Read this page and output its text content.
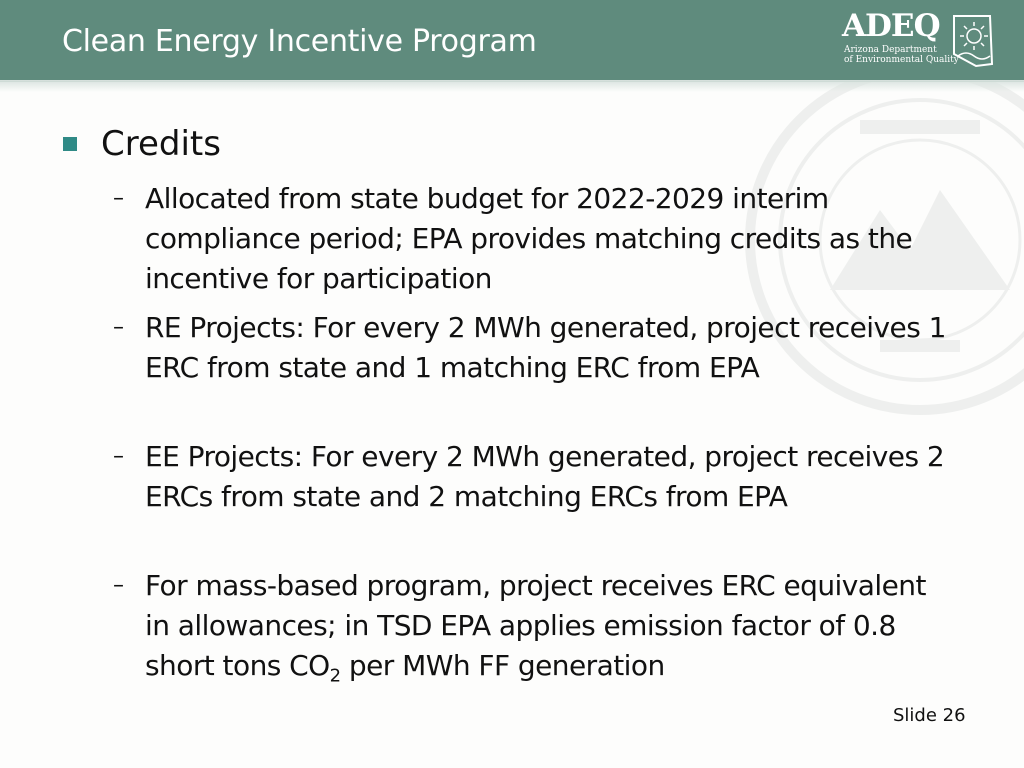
Clean Energy Incentive Program	ADEQ
Arizona Department
of Environmental Quality
Credits
– Allocated from state budget for 2022-2029 interim compliance period; EPA provides matching credits as the incentive for participation
– RE Projects: For every 2 MWh generated, project receives 1 ERC from state and 1 matching ERC from EPA
– EE Projects: For every 2 MWh generated, project receives 2 ERCs from state and 2 matching ERCs from EPA
– For mass-based program, project receives ERC equivalent in allowances; in TSD EPA applies emission factor of 0.8 short tons $CO_2$ per MWh FF generation
Slide 26
